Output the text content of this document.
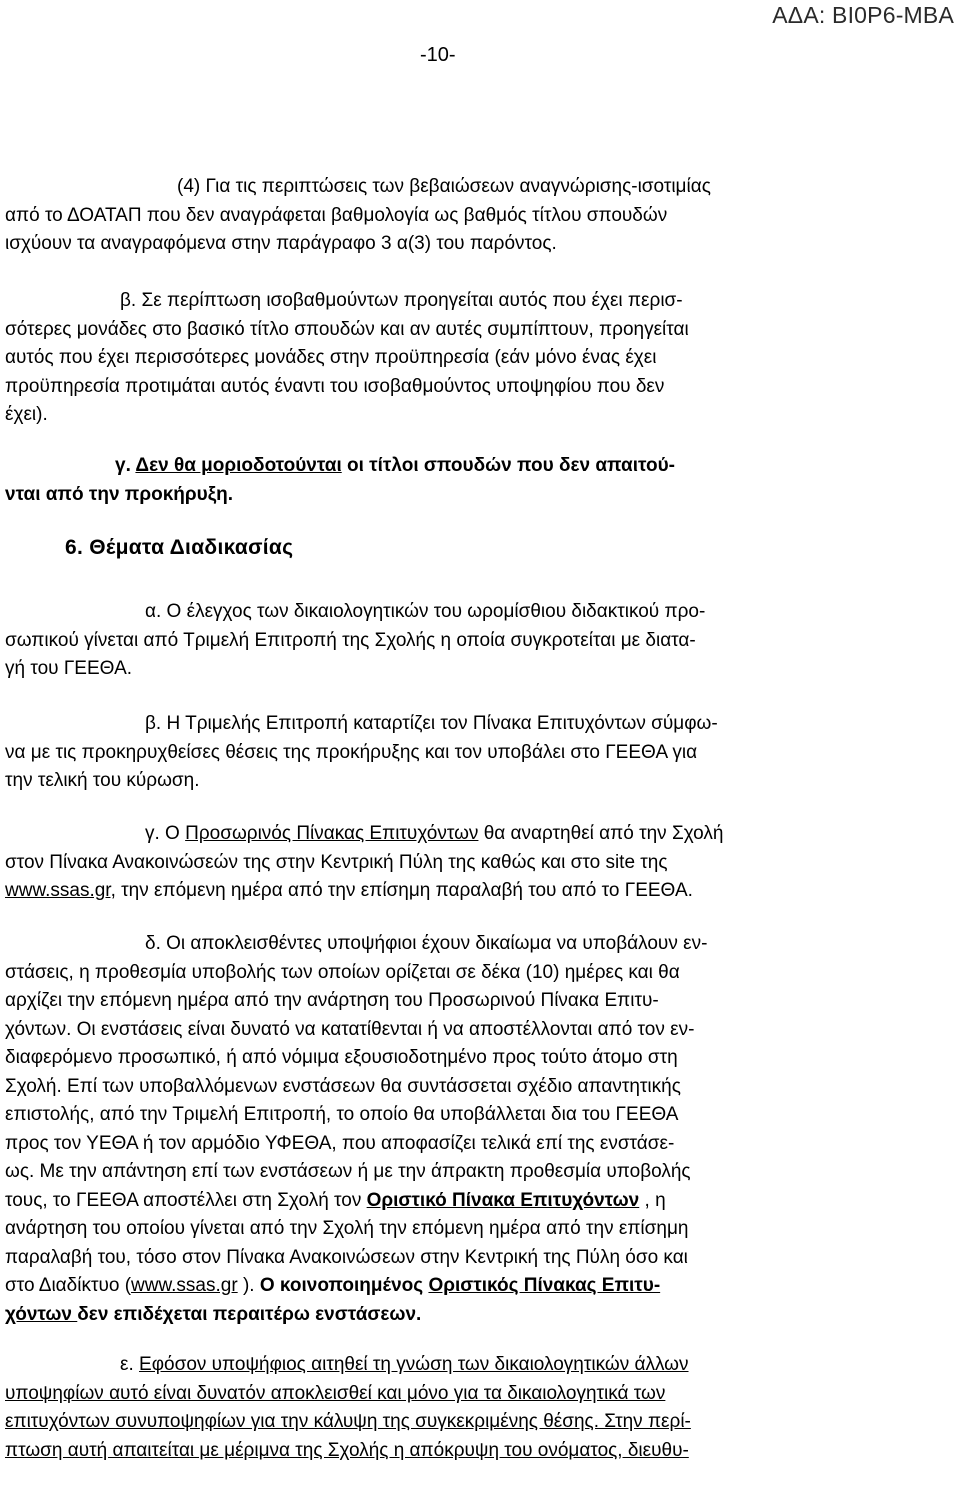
ΑΔΑ: ΒΙ0Ρ6-ΜΒΑ
-10-

(4) Για τις περιπτώσεις των βεβαιώσεων αναγνώρισης-ισοτιμίας

από το ΔΟΑΤΑΠ που δεν αναγράφεται βαθμολογία ως βαθμός τίτλου σπουδών

ισχύουν τα αναγραφόμενα στην παράγραφο 3 α(3) του παρόντος.

β. Σε περίπτωση ισοβαθμούντων προηγείται αυτός που έχει περισ-

σότερες μονάδες στο βασικό τίτλο σπουδών και αν αυτές συμπίπτουν, προηγείται

αυτός που έχει περισσότερες μονάδες στην προϋπηρεσία (εάν μόνο ένας έχει

προϋπηρεσία προτιμάται αυτός έναντι του ισοβαθμούντος υποψηφίου που δεν

έχει).

γ. Δεν θα μοριοδοτούνται οι τίτλοι σπουδών που δεν απαιτού-

νται από την προκήρυξη.

6. Θέματα Διαδικασίας

α. Ο έλεγχος των δικαιολογητικών του ωρομίσθιου διδακτικού προ-

σωπικού γίνεται από Τριμελή Επιτροπή της Σχολής η οποία συγκροτείται με διατα-

γή του ΓΕΕΘΑ.

β. Η Τριμελής Επιτροπή καταρτίζει τον Πίνακα Επιτυχόντων σύμφω-

να με τις προκηρυχθείσες θέσεις της προκήρυξης και τον υποβάλει στο ΓΕΕΘΑ για

την τελική του κύρωση.

γ. Ο Προσωρινός Πίνακας Επιτυχόντων θα αναρτηθεί από την Σχολή

στον Πίνακα Ανακοινώσεών της στην Κεντρική Πύλη της καθώς και στο site της

www.ssas.gr, την επόμενη ημέρα από την επίσημη παραλαβή του από το ΓΕΕΘΑ.

δ. Οι αποκλεισθέντες υποψήφιοι έχουν δικαίωμα να υποβάλουν εν-

στάσεις, η προθεσμία υποβολής των οποίων ορίζεται σε δέκα (10) ημέρες και θα

αρχίζει την επόμενη ημέρα από την ανάρτηση του Προσωρινού Πίνακα Επιτυ-

χόντων. Οι ενστάσεις είναι δυνατό να κατατίθενται ή να αποστέλλονται από τον εν-

διαφερόμενο προσωπικό, ή από νόμιμα εξουσιοδοτημένο προς τούτο άτομο στη

Σχολή. Επί των υποβαλλόμενων ενστάσεων θα συντάσσεται σχέδιο απαντητικής

επιστολής, από την Τριμελή Επιτροπή, το οποίο θα υποβάλλεται δια του ΓΕΕΘΑ

προς τον ΥΕΘΑ ή τον αρμόδιο ΥΦΕΘΑ, που αποφασίζει τελικά επί της ενστάσε-

ως. Με την απάντηση επί των ενστάσεων ή με την άπρακτη προθεσμία υποβολής

τους, το ΓΕΕΘΑ αποστέλλει στη Σχολή τον Οριστικό Πίνακα Επιτυχόντων , η

ανάρτηση του οποίου γίνεται από την Σχολή την επόμενη ημέρα από την επίσημη

παραλαβή του, τόσο στον Πίνακα Ανακοινώσεων στην Κεντρική της Πύλη όσο και

στο Διαδίκτυο (www.ssas.gr ). Ο κοινοποιημένος Οριστικός Πίνακας Επιτυ-

χόντων δεν επιδέχεται περαιτέρω ενστάσεων.

ε. Εφόσον υποψήφιος αιτηθεί τη γνώση των δικαιολογητικών άλλων

υποψηφίων αυτό είναι δυνατόν αποκλεισθεί και μόνο για τα δικαιολογητικά των

επιτυχόντων συνυποψηφίων για την κάλυψη της συγκεκριμένης θέσης. Στην περί-

πτωση αυτή απαιτείται με μέριμνα της Σχολής η απόκρυψη του ονόματος, διευθυ-
